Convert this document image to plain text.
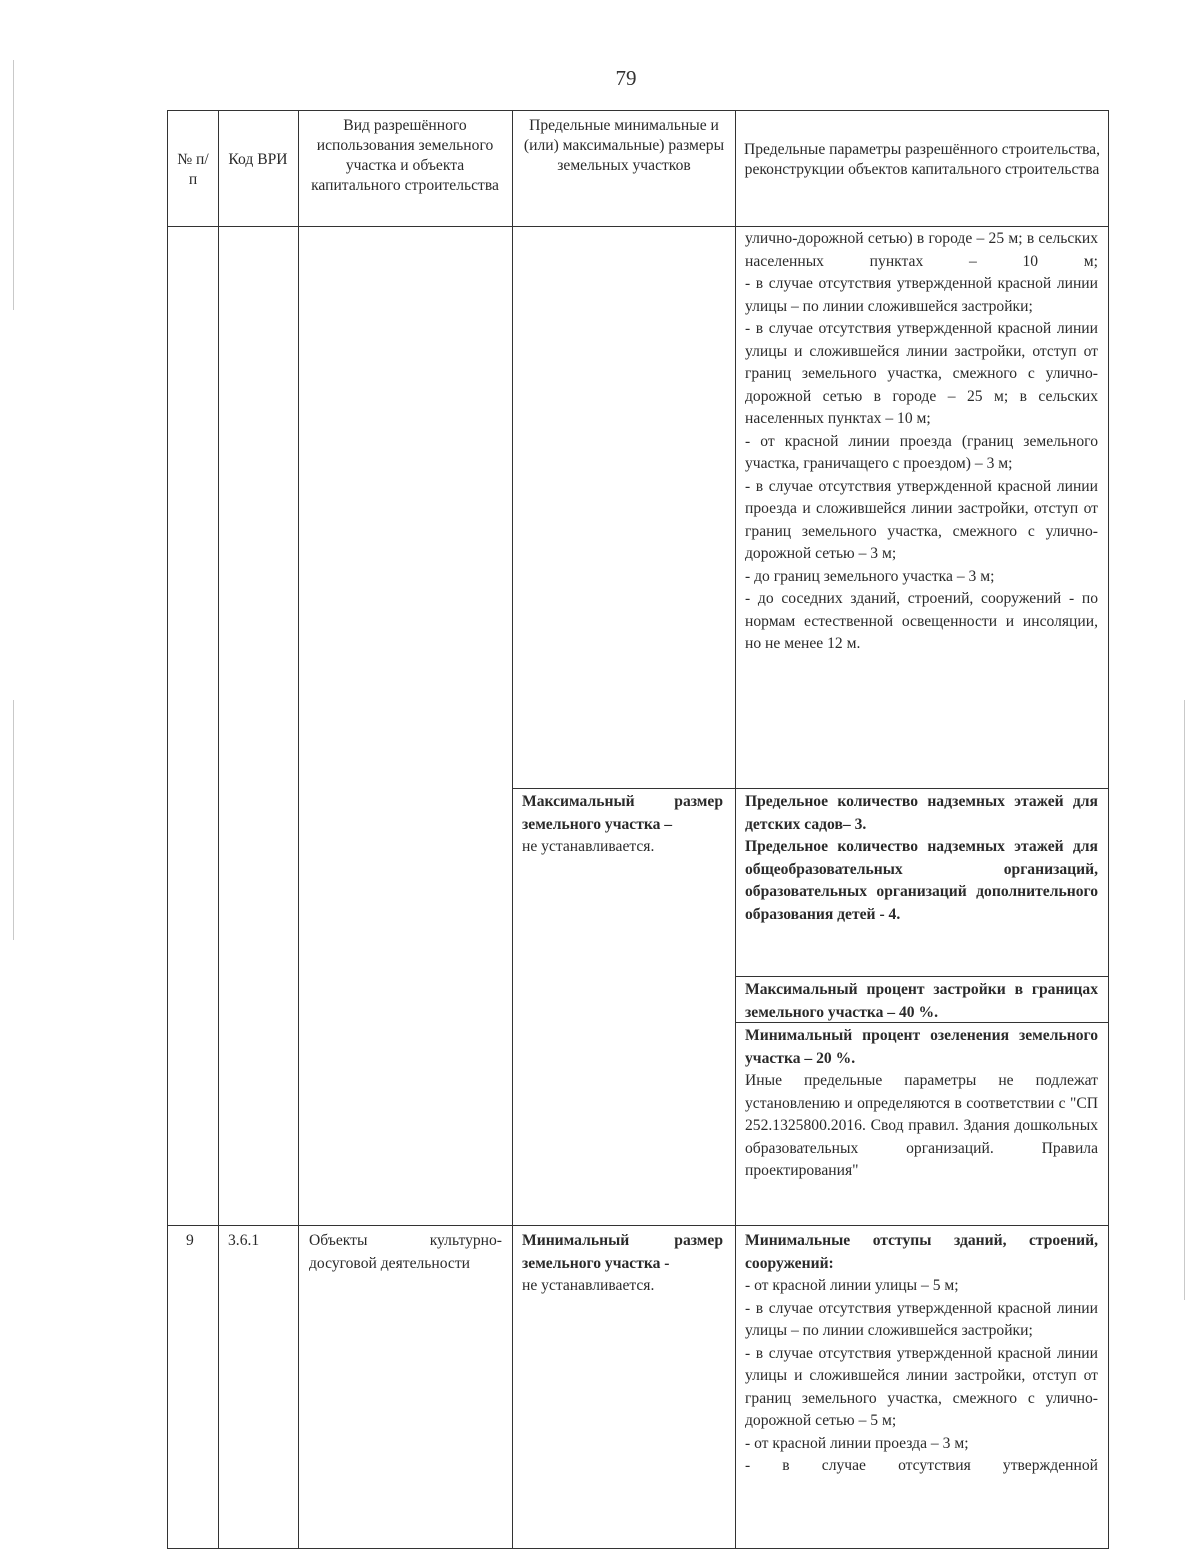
79
№ п/п
Код ВРИ
Вид разрешённого использования земельного участка и объекта капитального строительства
Предельные минимальные и (или) максимальные) размеры земельных участков
Предельные параметры разрешённого строительства, реконструкции объектов капитального строительства

улично-дорожной сетью) в городе – 25 м; в сельских населенных пунктах – 10 м;

- в случае отсутствия утвержденной красной линии улицы – по линии сложившейся застройки;

- в случае отсутствия утвержденной красной линии улицы и сложившейся линии застройки, отступ от границ земельного участка, смежного с улично-дорожной сетью в городе – 25 м; в сельских населенных пунктах – 10 м;

- от красной линии проезда (границ земельного участка, граничащего с проездом) – 3 м;

- в случае отсутствия утвержденной красной линии проезда и сложившейся линии застройки, отступ от границ земельного участка, смежного с улично-дорожной сетью – 3 м;

- до границ земельного участка – 3 м;

- до соседних зданий, строений, сооружений - по нормам естественной освещенности и инсоляции, но не менее 12 м.

Максимальный размер земельного участка –

не устанавливается.

Предельное количество надземных этажей для детских садов– 3.

Предельное количество надземных этажей для общеобразовательных организаций, образовательных организаций дополнительного образования детей - 4.

Максимальный процент застройки в границах земельного участка – 40 %.

Минимальный процент озеленения земельного участка – 20 %.

Иные предельные параметры не подлежат установлению и определяются в соответствии с "СП 252.1325800.2016. Свод правил. Здания дошкольных образовательных организаций. Правила проектирования"

9 3.6.1	Объекты культурно-досуговой деятельности

Минимальный размер земельного участка -

не устанавливается.

Минимальные отступы зданий, строений, сооружений:

- от красной линии улицы – 5 м;

- в случае отсутствия утвержденной красной линии улицы – по линии сложившейся застройки;

- в случае отсутствия утвержденной красной линии улицы и сложившейся линии застройки, отступ от границ земельного участка, смежного с улично-дорожной сетью – 5 м;

- от красной линии проезда – 3 м;

- в случае отсутствия утвержденной
